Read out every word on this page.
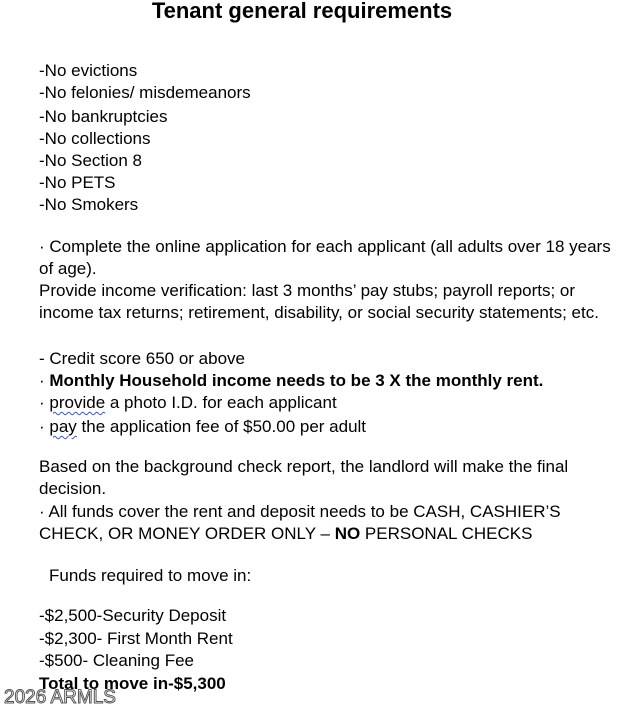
Tenant general requirements
-No evictions
-No felonies/ misdemeanors
-No bankruptcies
-No collections
-No Section 8
-No PETS
-No Smokers
· Complete the online application for each applicant (all adults over 18 years of age).
Provide income verification: last 3 months’ pay stubs; payroll reports; or income tax returns; retirement, disability, or social security statements; etc.
- Credit score 650 or above
· Monthly Household income needs to be 3 X the monthly rent.
· provide a photo I.D. for each applicant
· pay the application fee of $50.00 per adult
Based on the background check report, the landlord will make the final decision.
· All funds cover the rent and deposit needs to be CASH, CASHIER’S CHECK, OR MONEY ORDER ONLY – NO PERSONAL CHECKS
Funds required to move in:
-$2,500-Security Deposit
-$2,300- First Month Rent
-$500- Cleaning Fee
Total to move in-$5,300
2026 ARMLS
